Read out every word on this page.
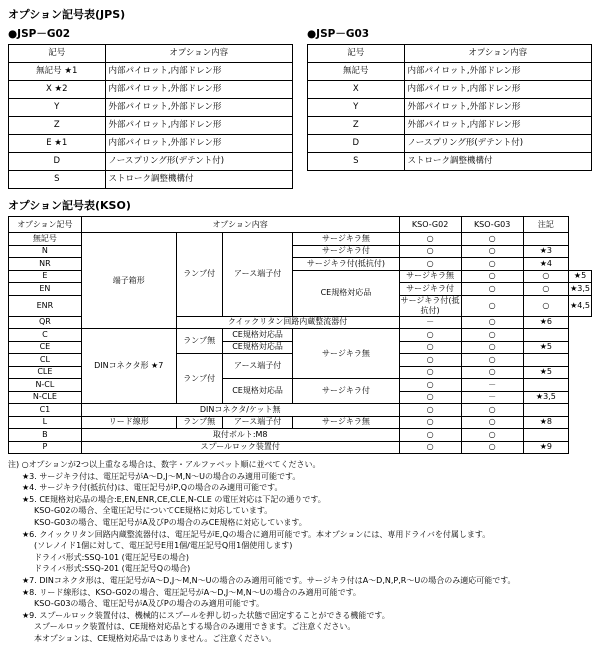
オプション記号表(JPS)
●JSP－G02
記号	オプション内容
無記号 ★1	内部パイロット,内部ドレン形
X ★2	内部パイロット,外部ドレン形
Y	外部パイロット,外部ドレン形
Z	外部パイロット,内部ドレン形
E ★1	内部パイロット,外部ドレン形
D	ノースプリング形(デテント付)
S	ストローク調整機構付
●JSP－G03
記号	オプション内容
無記号	内部パイロット,外部ドレン形
X	内部パイロット,内部ドレン形
Y	外部パイロット,外部ドレン形
Z	外部パイロット,内部ドレン形
D	ノースプリング形(デテント付)
S	ストローク調整機構付
オプション記号表(KSO)
オプション記号	オプション内容				KSO-G02	KSO-G03	注記	
無記号	端子箱形	ランプ付	アース端子付	サージキラ無	○	○		
N				サージキラ付	○	○	★3	
NR				サージキラ付(抵抗付)	○	○	★4	
E				CE規格対応品	サージキラ無	○	○	★5
EN					サージキラ付	○	○	★3,5
ENR					サージキラ付(抵抗付)	○	○	★4,5
QR		クイックリタン回路内蔵整流器付			－	○	★6	
C	DINコネクタ形 ★7	ランプ無	CE規格対応品	サージキラ無	○	○		
CE			CE規格対応品		○	○	★5	
CL		ランプ付	アース端子付		○	○		
CLE					○	○	★5	
N-CL			CE規格対応品	サージキラ付	○	－		
N-CLE					○	－	★3,5	
C1	DINコネクタ/ケット無				○	○		
L	リード線形	ランプ無	アース端子付	サージキラ無	○	○	★8	
B	取付ボルト:M8				○	○		
P	スプールロック装置付				○	○	★9	
注) ○オプションが2つ以上重なる場合は、数字・アルファベット順に並べてください。
★3. サージキラ付は、電圧記号がA～D,J～M,N～Uの場合のみ適用可能です。
★4. サージキラ付(抵抗付)は、電圧記号がP,Qの場合のみ適用可能です。
★5. CE規格対応品の場合:E,EN,ENR,CE,CLE,N-CLE の電圧対応は下記の通りです。
KSO-G02の場合、全電圧記号についてCE規格に対応しています。
KSO-G03の場合、電圧記号がA及びPの場合のみCE規格に対応しています。
★6. クイックリタン回路内蔵整流器付は、電圧記号がE,Qの場合に適用可能です。本オプションには、専用ドライバを付属します。
(ソレノイド1個に対して、電圧記号E用1個/電圧記号Q用1個使用します)
ドライバ形式:SSQ-101 (電圧記号Eの場合)
ドライバ形式:SSQ-201 (電圧記号Qの場合)
★7. DINコネクタ形は、電圧記号がA～D,J～M,N～Uの場合のみ適用可能です。サージキラ付はA～D,N,P,R～Uの場合のみ適応可能です。
★8. リード線形は、KSO-G02の場合、電圧記号がA～D,J～M,N～Uの場合のみ適用可能です。
KSO-G03の場合、電圧記号がA及びPの場合のみ適用可能です。
★9. スプールロック装置付は、機械的にスプールを押し切った状態で固定することができる機能です。
スプールロック装置付は、CE規格対応品とする場合のみ適用できます。ご注意ください。
本オプションは、CE規格対応品ではありません。ご注意ください。
